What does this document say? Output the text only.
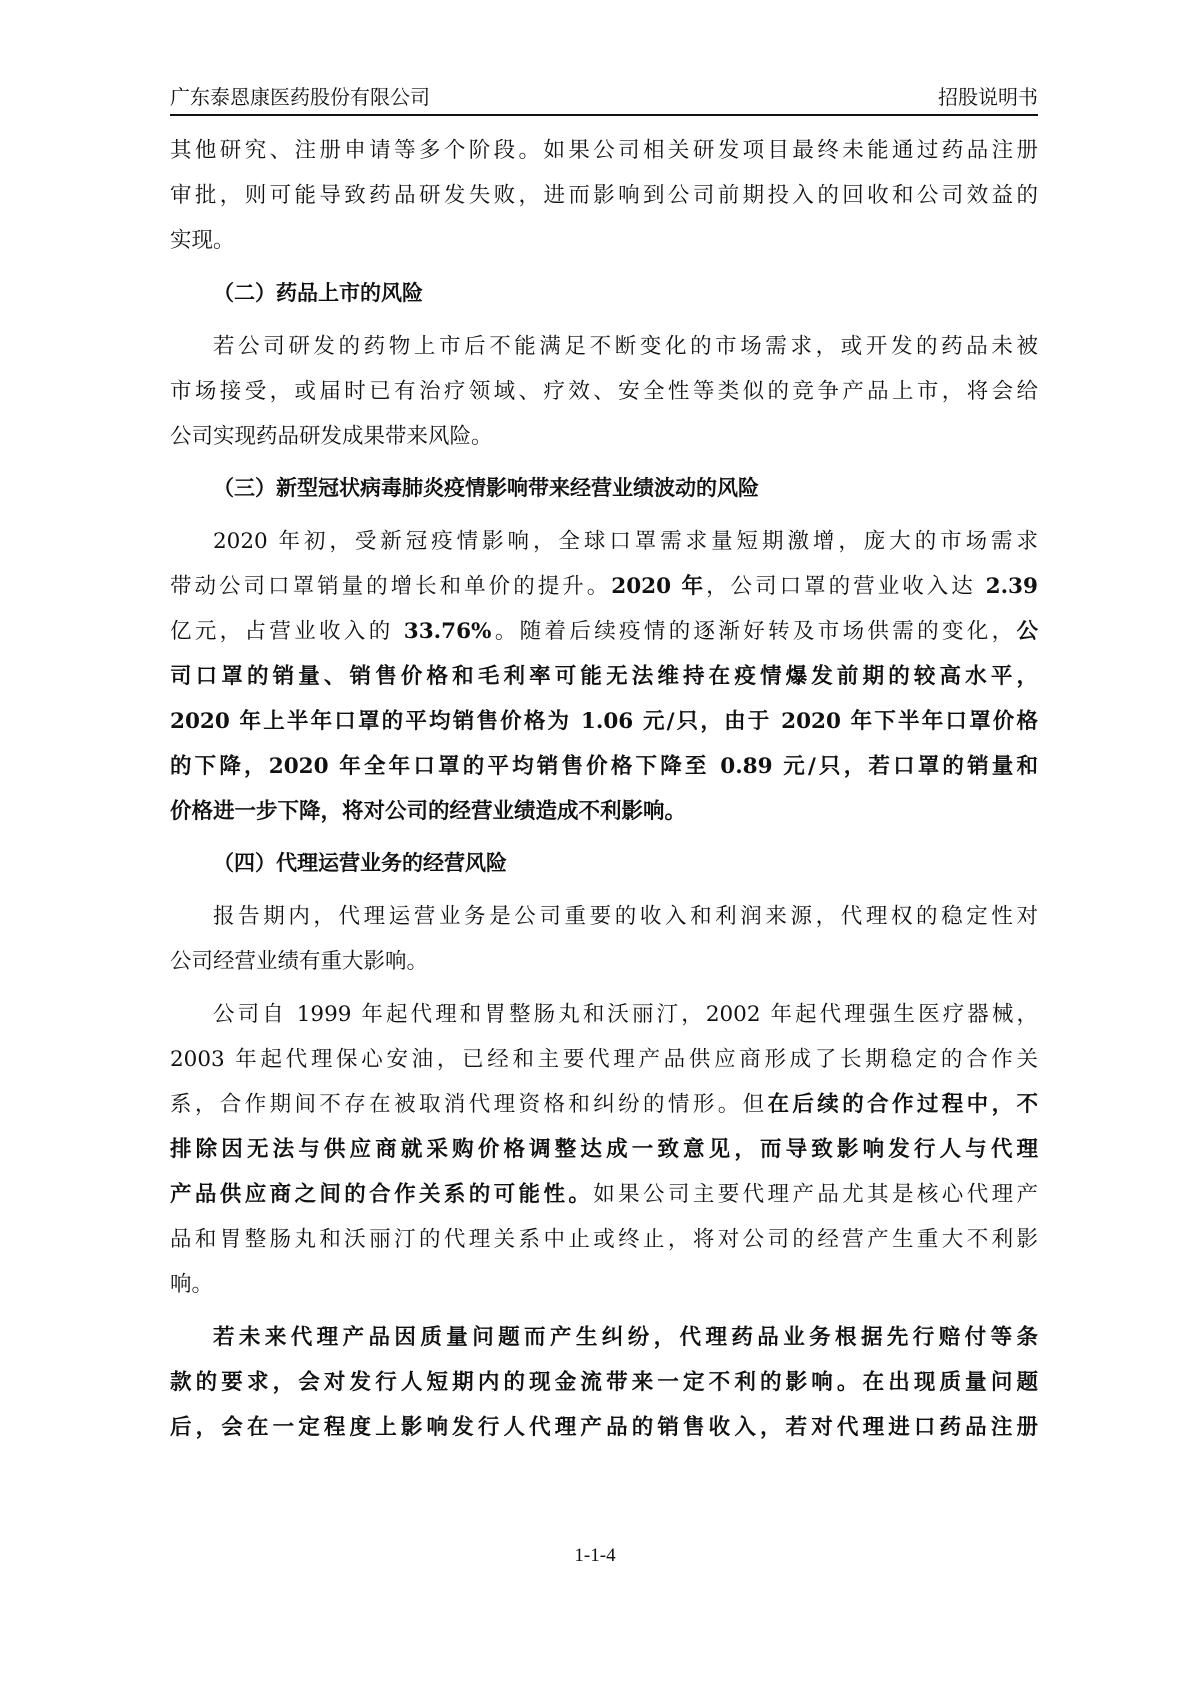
广东泰恩康医药股份有限公司	招股说明书
其他研究、注册申请等多个阶段。如果公司相关研发项目最终未能通过药品注册
审批，则可能导致药品研发失败，进而影响到公司前期投入的回收和公司效益的
实现。
（二）药品上市的风险
若公司研发的药物上市后不能满足不断变化的市场需求，或开发的药品未被
市场接受，或届时已有治疗领域、疗效、安全性等类似的竞争产品上市，将会给
公司实现药品研发成果带来风险。
（三）新型冠状病毒肺炎疫情影响带来经营业绩波动的风险
2020 年初，受新冠疫情影响，全球口罩需求量短期激增，庞大的市场需求
带动公司口罩销量的增长和单价的提升。2020 年，公司口罩的营业收入达 2.39
亿元，占营业收入的 33.76%。随着后续疫情的逐渐好转及市场供需的变化，公
司口罩的销量、销售价格和毛利率可能无法维持在疫情爆发前期的较高水平，
2020 年上半年口罩的平均销售价格为 1.06 元/只，由于 2020 年下半年口罩价格
的下降，2020 年全年口罩的平均销售价格下降至 0.89 元/只，若口罩的销量和
价格进一步下降，将对公司的经营业绩造成不利影响。
（四）代理运营业务的经营风险
报告期内，代理运营业务是公司重要的收入和利润来源，代理权的稳定性对
公司经营业绩有重大影响。
公司自 1999 年起代理和胃整肠丸和沃丽汀，2002 年起代理强生医疗器械，
2003 年起代理保心安油，已经和主要代理产品供应商形成了长期稳定的合作关
系，合作期间不存在被取消代理资格和纠纷的情形。但在后续的合作过程中，不
排除因无法与供应商就采购价格调整达成一致意见，而导致影响发行人与代理
产品供应商之间的合作关系的可能性。如果公司主要代理产品尤其是核心代理产
品和胃整肠丸和沃丽汀的代理关系中止或终止，将对公司的经营产生重大不利影
响。
若未来代理产品因质量问题而产生纠纷，代理药品业务根据先行赔付等条
款的要求，会对发行人短期内的现金流带来一定不利的影响。在出现质量问题
后，会在一定程度上影响发行人代理产品的销售收入，若对代理进口药品注册
1-1-4
